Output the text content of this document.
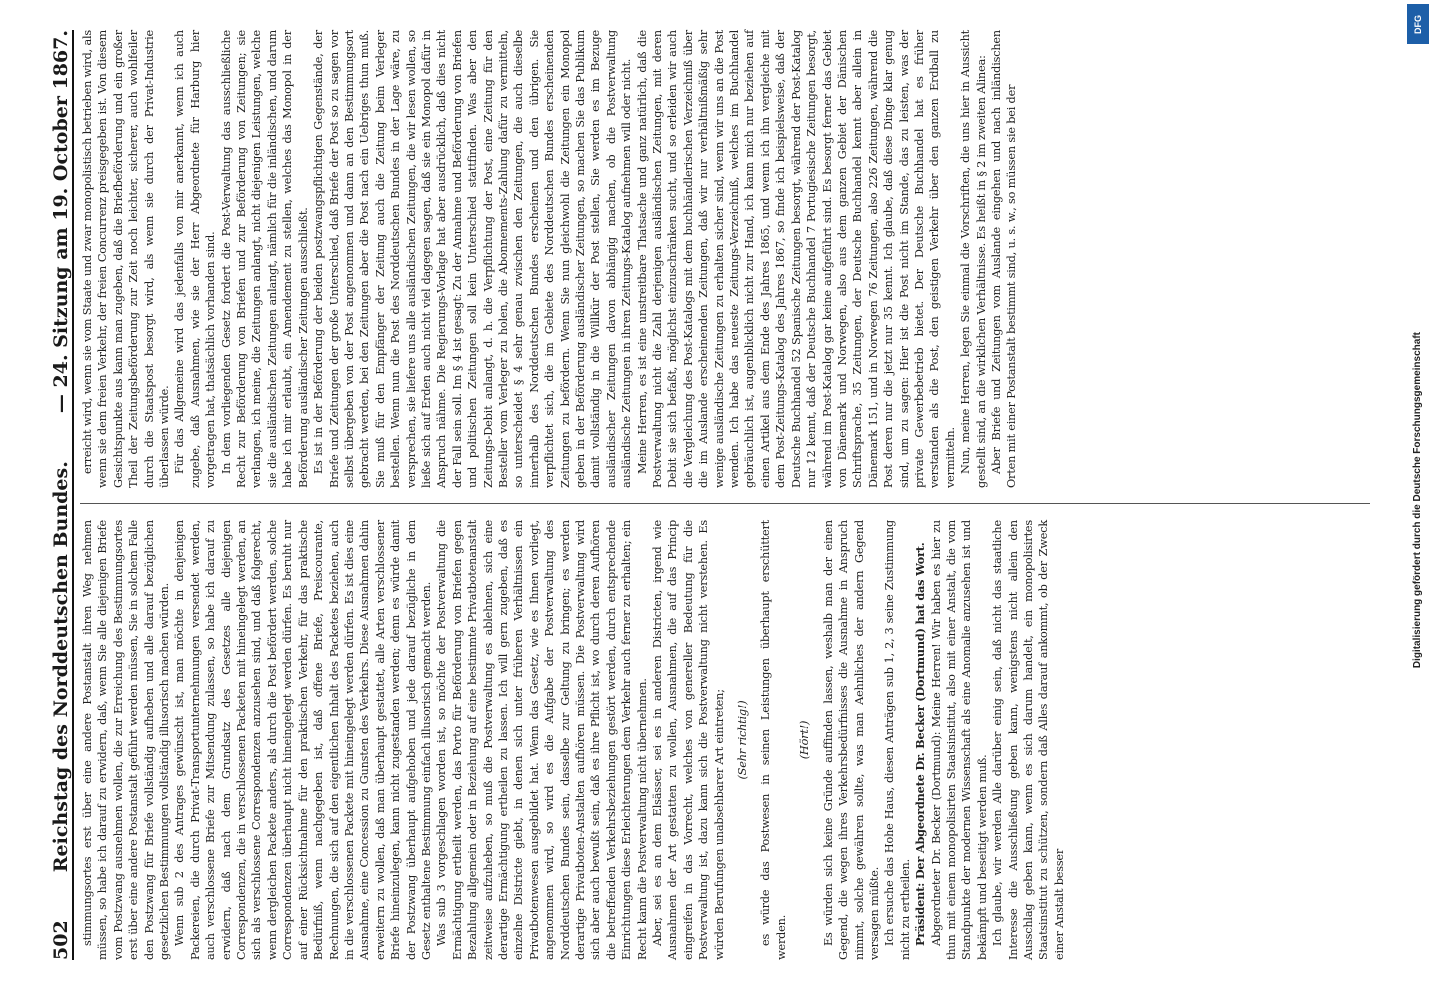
502
Reichstag des Norddeutschen Bundes.
— 24. Sitzung am 19. October 1867.

stimmungsortes erst über eine andere Postanstalt ihren Weg nehmen müssen, so habe ich darauf zu erwidern, daß, wenn Sie alle diejenigen Briefe vom Postzwang ausnehmen wollen, die zur Erreichung des Bestimmungsortes erst über eine andere Postanstalt geführt werden müssen, Sie in solchem Falle den Postzwang für Briefe vollständig aufheben und alle darauf bezüglichen gesetzlichen Bestimmungen vollständig illusorisch machen würden. Wenn sub 2 des Antrages gewünscht ist, man möchte in denjenigen Packereien, die durch Privat-Transportunternehmungen versendet werden, auch verschlossene Briefe zur Mitsendung zulassen, so habe ich darauf zu erwidern, daß nach dem Grundsatz des Gesetzes alle diejenigen Correspondenzen, die in verschlossenen Packeten mit hineingelegt werden, an sich als verschlossene Correspondenzen anzusehen sind, und daß folgerecht, wenn dergleichen Packete anders, als durch die Post befördert werden, solche Correspondenzen überhaupt nicht hineingelegt werden dürfen. Es beruht nur auf einer Rücksichtnahme für den praktischen Verkehr, für das praktische Bedürfniß, wenn nachgegeben ist, daß offene Briefe, Preiscourante, Rechnungen, die sich auf den eigentlichen Inhalt des Packetes beziehen, auch in die verschlossenen Packete mit hineingelegt werden dürfen. Es ist dies eine Ausnahme, eine Concession zu Gunsten des Verkehrs. Diese Ausnahmen dahin erweitern zu wollen, daß man überhaupt gestattet, alle Arten verschlossener Briefe hineinzulegen, kann nicht zugestanden werden; denn es würde damit der Postzwang überhaupt aufgehoben und jede darauf bezügliche in dem Gesetz enthaltene Bestimmung einfach illusorisch gemacht werden. Was sub 3 vorgeschlagen worden ist, so möchte der Postverwaltung die Ermächtigung ertheilt werden, das Porto für Beförderung von Briefen gegen Bezahlung allgemein oder in Beziehung auf eine bestimmte Privatbotenanstalt zeitweise aufzuheben, so muß die Postverwaltung es ablehnen, sich eine derartige Ermächtigung ertheilen zu lassen. Ich will gern zugeben, daß es einzelne Districte giebt, in denen sich unter früheren Verhältnissen ein Privatbotenwesen ausgebildet hat. Wenn das Gesetz, wie es Ihnen vorliegt, angenommen wird, so wird es die Aufgabe der Postverwaltung des Norddeutschen Bundes sein, dasselbe zur Geltung zu bringen; es werden derartige Privatboten-Anstalten aufhören müssen. Die Postverwaltung wird sich aber auch bewußt sein, daß es ihre Pflicht ist, wo durch deren Aufhören die betreffenden Verkehrsbeziehungen gestört werden, durch entsprechende Einrichtungen diese Erleichterungen dem Verkehr auch ferner zu erhalten; ein Recht kann die Postverwaltung nicht übernehmen. Aber, sei es an dem Elsässer, sei es in anderen Districten, irgend wie Ausnahmen der Art gestatten zu wollen, Ausnahmen, die auf das Princip eingreifen in das Vorrecht, welches von genereller Bedeutung für die Postverwaltung ist, dazu kann sich die Postverwaltung nicht verstehen. Es würden Berufungen unabsehbarer Art eintreten; (Sehr richtig!) es würde das Postwesen in seinen Leistungen überhaupt erschüttert werden.

(Hört!) Es würden sich keine Gründe auffinden lassen, weshalb man der einen Gegend, die wegen ihres Verkehrsbedürfnisses die Ausnahme in Anspruch nimmt, solche gewähren sollte, was man Aehnliches der andern Gegend versagen müßte. Ich ersuche das Hohe Haus, diesen Anträgen sub 1, 2, 3 seine Zustimmung nicht zu ertheilen. Präsident: Der Abgeordnete Dr. Becker (Dortmund) hat das Wort. Abgeordneter Dr. Becker (Dortmund): Meine Herren! Wir haben es hier zu thun mit einem monopolisirten Staatsinstitut, also mit einer Anstalt, die vom Standpunkte der modernen Wissenschaft als eine Anomalie anzusehen ist und bekämpft und beseitigt werden muß. Ich glaube, wir werden Alle darüber einig sein, daß nicht das staatliche Interesse die Ausschließung geben kann, wenigstens nicht allein den Ausschlag geben kann, wenn es sich darum handelt, ein monopolisirtes Staatsinstitut zu schützen, sondern daß Alles darauf ankommt, ob der Zweck einer Anstalt besser

erreicht wird, wenn sie vom Staate und zwar monopolistisch betrieben wird, als wenn sie dem freien Verkehr, der freien Concurrenz preisgegeben ist. Von diesem Gesichtspunkte aus kann man zugeben, daß die Briefbeförderung und ein großer Theil der Zeitungsbeförderung zur Zeit noch leichter, sicherer, auch wohlfeiler durch die Staatspost besorgt wird, als wenn sie durch der Privat-Industrie überlassen würde. Für das Allgemeine wird das jedenfalls von mir anerkannt, wenn ich auch zugebe, daß Ausnahmen, wie sie der Herr Abgeordnete für Harburg hier vorgetragen hat, thatsächlich vorhanden sind. In dem vorliegenden Gesetz fordert die Post-Verwaltung das ausschließliche Recht zur Beförderung von Briefen und zur Beförderung von Zeitungen; sie verlangen, ich meine, die Zeitungen anlangt, nicht diejenigen Leistungen, welche sie die ausländischen Zeitungen anlangt, nämlich für die inländischen, und darum habe ich mir erlaubt, ein Amendement zu stellen, welches das Monopol in der Beförderung ausländischer Zeitungen ausschließt. Es ist in der Beförderung der beiden postzwangspflichtigen Gegenstände, der Briefe und Zeitungen der große Unterschied, daß Briefe der Post so zu sagen vor selbst übergeben von der Post angenommen und dann an den Bestimmungsort gebracht werden, bei den Zeitungen aber die Post nach ein Uebriges thun muß. Sie muß für den Empfänger der Zeitung auch die Zeitung beim Verleger bestellen. Wenn nun die Post des Norddeutschen Bundes in der Lage wäre, zu versprechen, sie liefere uns alle ausländischen Zeitungen, die wir lesen wollen, so ließe sich auf Erden auch nicht viel dagegen sagen, daß sie ein Monopol dafür in Anspruch nähme. Die Regierungs-Vorlage hat aber ausdrücklich, daß dies nicht der Fall sein soll. Im § 4 ist gesagt: Zu der Annahme und Beförderung von Briefen und politischen Zeitungen soll kein Unterschied stattfinden. Was aber den Zeitungs-Debit anlangt, d. h. die Verpflichtung der Post, eine Zeitung für den Besteller vom Verleger zu holen, die Abonnements-Zahlung dafür zu vermitteln, so unterscheidet § 4 sehr genau zwischen den Zeitungen, die auch dieselbe innerhalb des Norddeutschen Bundes erscheinen und den übrigen. Sie verpflichtet sich, die im Gebiete des Norddeutschen Bundes erscheinenden Zeitungen zu befördern. Wenn Sie nun gleichwohl die Zeitungen ein Monopol geben in der Beförderung ausländischer Zeitungen, so machen Sie das Publikum damit vollständig in die Willkür der Post stellen, Sie werden es im Bezuge ausländischer Zeitungen davon abhängig machen, ob die Postverwaltung ausländische Zeitungen in ihren Zeitungs-Katalog aufnehmen will oder nicht. Meine Herren, es ist eine unstreitbare Thatsache und ganz natürlich, daß die Postverwaltung nicht die Zahl derjenigen ausländischen Zeitungen, mit deren Debit sie sich befaßt, möglichst einzuschränken sucht, und so erleiden wir auch die Vergleichung des Post-Katalogs mit dem buchhändlerischen Verzeichniß über die im Auslande erscheinenden Zeitungen, daß wir nur verhältnißmäßig sehr wenige ausländische Zeitungen zu erhalten sicher sind, wenn wir uns an die Post wenden. Ich habe das neueste Zeitungs-Verzeichniß, welches im Buchhandel gebräuchlich ist, augenblicklich nicht zur Hand, ich kann mich nur beziehen auf einen Artikel aus dem Ende des Jahres 1865, und wenn ich ihn vergleiche mit dem Post-Zeitungs-Katalog des Jahres 1867, so finde ich beispielsweise, daß der Deutsche Buchhandel 52 Spanische Zeitungen besorgt, während der Post-Katalog nur 12 kennt, daß der Deutsche Buchhandel 7 Portugiesische Zeitungen besorgt, während im Post-Katalog gar keine aufgeführt sind. Es besorgt ferner das Gebiet von Dänemark und Norwegen, also aus dem ganzen Gebiet der Dänischen Schriftsprache, 35 Zeitungen, der Deutsche Buchhandel kennt aber allein in Dänemark 151, und in Norwegen 76 Zeitungen, also 226 Zeitungen, während die Post deren nur die jetzt nur 35 kennt. Ich glaube, daß diese Dinge klar genug sind, um zu sagen: Hier ist die Post nicht im Stande, das zu leisten, was der private Gewerbebetrieb bietet. Der Deutsche Buchhandel hat es früher verstanden als die Post, den geistigen Verkehr über den ganzen Erdball zu vermitteln. Nun, meine Herren, legen Sie einmal die Vorschriften, die uns hier in Aussicht gestellt sind, an die wirklichen Verhältnisse. Es heißt in § 2 im zweiten Alinea: Aber Briefe und Zeitungen vom Auslande eingehen und nach inländischen Orten mit einer Postanstalt bestimmt sind, u. s. w., so müssen sie bei der

DFG
Digitalisierung gefördert durch die Deutsche Forschungsgemeinschaft
